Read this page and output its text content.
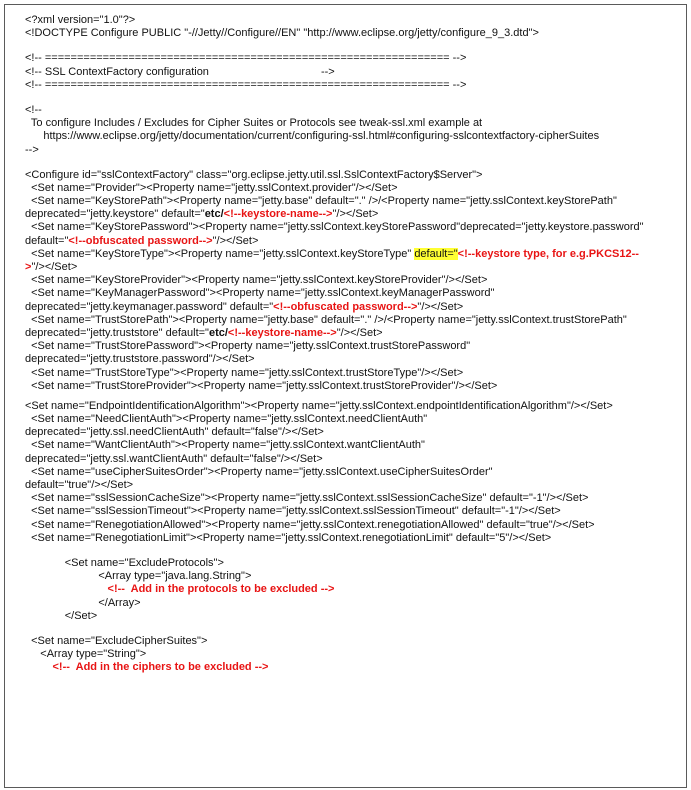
<?xml version="1.0"?>
<!DOCTYPE Configure PUBLIC "-//Jetty//Configure//EN" "http://www.eclipse.org/jetty/configure_9_3.dtd">
<!-- =============================================================== -->
<!-- SSL ContextFactory configuration	-->
<!-- =============================================================== -->
<!--
To configure Includes / Excludes for Cipher Suites or Protocols see tweak-ssl.xml example at
https://www.eclipse.org/jetty/documentation/current/configuring-ssl.html#configuring-sslcontextfactory-cipherSuites
-->
<Configure id="sslContextFactory" class="org.eclipse.jetty.util.ssl.SslContextFactory$Server">
<Set name="Provider"><Property name="jetty.sslContext.provider"/></Set>
<Set name="KeyStorePath"><Property name="jetty.base" default="." />/<Property name="jetty.sslContext.keyStorePath"
deprecated="jetty.keystore" default="etc/<!--keystore-name-->"/></Set>
<Set name="KeyStorePassword"><Property name="jetty.sslContext.keyStorePassword"deprecated="jetty.keystore.password"
default="<!--obfuscated password-->"/></Set>
<Set name="KeyStoreType"><Property name="jetty.sslContext.keyStoreType" default="<!--keystore type, for e.g.PKCS12--
>"/></Set>
<Set name="KeyStoreProvider"><Property name="jetty.sslContext.keyStoreProvider"/></Set>
<Set name="KeyManagerPassword"><Property name="jetty.sslContext.keyManagerPassword"
deprecated="jetty.keymanager.password" default="<!--obfuscated password-->"/></Set>
<Set name="TrustStorePath"><Property name="jetty.base" default="." />/<Property name="jetty.sslContext.trustStorePath"
deprecated="jetty.truststore" default="etc/<!--keystore-name-->"/></Set>
<Set name="TrustStorePassword"><Property name="jetty.sslContext.trustStorePassword"
deprecated="jetty.truststore.password"/></Set>
<Set name="TrustStoreType"><Property name="jetty.sslContext.trustStoreType"/></Set>
<Set name="TrustStoreProvider"><Property name="jetty.sslContext.trustStoreProvider"/></Set>
<Set name="EndpointIdentificationAlgorithm"><Property name="jetty.sslContext.endpointIdentificationAlgorithm"/></Set>
<Set name="NeedClientAuth"><Property name="jetty.sslContext.needClientAuth"
deprecated="jetty.ssl.needClientAuth" default="false"/></Set>
<Set name="WantClientAuth"><Property name="jetty.sslContext.wantClientAuth"
deprecated="jetty.ssl.wantClientAuth" default="false"/></Set>
<Set name="useCipherSuitesOrder"><Property name="jetty.sslContext.useCipherSuitesOrder"
default="true"/></Set>
<Set name="sslSessionCacheSize"><Property name="jetty.sslContext.sslSessionCacheSize" default="-1"/></Set>
<Set name="sslSessionTimeout"><Property name="jetty.sslContext.sslSessionTimeout" default="-1"/></Set>
<Set name="RenegotiationAllowed"><Property name="jetty.sslContext.renegotiationAllowed" default="true"/></Set>
<Set name="RenegotiationLimit"><Property name="jetty.sslContext.renegotiationLimit" default="5"/></Set>
<Set name="ExcludeProtocols">
<Array type="java.lang.String">
<!--  Add in the protocols to be excluded -->
</Array>
</Set>
<Set name="ExcludeCipherSuites">
<Array type="String">
<!--  Add in the ciphers to be excluded -->
